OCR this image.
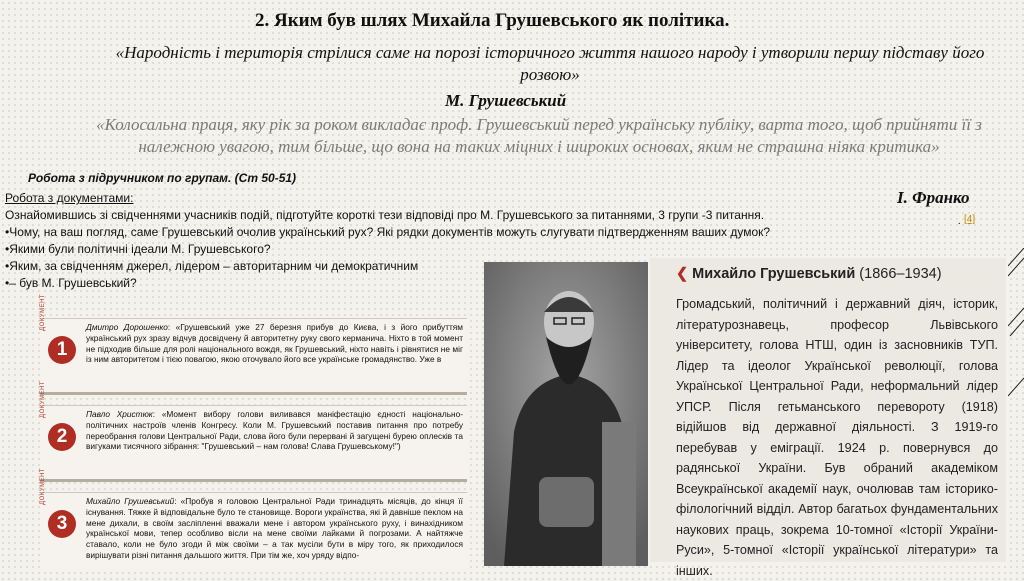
2. Яким був шлях Михайла Грушевського як політика.
«Народність і територія стрілися саме на порозі історичного життя нашого народу і утворили першу підставу його розвою»
М. Грушевський
«Колосальна праця, яку рік за роком викладає проф. Грушевський перед українську публіку, варта того, щоб прийняти її з належною увагою, тим більше, що вона на таких міцних і широких основах, яким не страшна ніяка критика»
І. Франко
Робота з підручником по групам. (Ст 50-51)
. [4]
Робота з документами:
Ознайомившись зі свідченнями учасників подій, підготуйте короткі тези відповіді про М. Грушевського за питаннями, 3 групи -3 питання.
•Чому, на ваш погляд, саме Грушевський очолив український рух? Які рядки документів можуть слугувати підтвердженням ваших думок?
•Якими були політичні ідеали М. Грушевського?
•Яким, за свідченням джерел, лідером – авторитарним чи демократичним
•– був М. Грушевський?
ДОКУМЕНТ
1
Дмитро Дорошенко: «Грушевський уже 27 березня прибув до Києва, і з його прибуттям український рух зразу відчув досвідченy й авторитетну руку свого керманича. Ніхто в той момент не підходив більше для ролі національного вождя, як Грушевський, ніхто навіть і рівнятися не міг із ним авторитетом і тією повагою, якою оточувало його все українське громадянство. Уже в
ДОКУМЕНТ
2
Павло Христюк: «Момент вибору голови виливався маніфестацію єдності національно-політичних настроїв членів Конгресу. Коли М. Грушевський поставив питання про потребу переобрання голови Центральної Ради, слова його були перервані й загущені бурею оплесків та вигуками тисячного зібрання: "Грушевський – нам голова! Слава Грушевському!")
ДОКУМЕНТ
3
Михайло Грушевський: «Пробув я головою Центральної Ради тринадцять місяців, до кінця її існування. Тяжке й відповідальне було те становище. Вороги українства, які й давніше пеклом на мене дихали, в своїм засліпленні вважали мене і автором українського руху, і винахідником української мови, тепер особливо вісли на мене своїми лайками й погрозами. А найтяжче ставало, коли не було згоди й між своїми – а так муcіли бути в міру того, як приходилося вирішувати різні питання дальшого життя. При тім же, хоч уряду відпо-
❮ Михайло Грушевський (1866–1934)
Громадський, політичний і державний діяч, історик, літературознавець, професор Львівського університету, голова НТШ, один із засновників ТУП. Лідер та ідеолог Української революції, голова Української Центральної Ради, неформальний лідер УПСР. Після гетьманського перевороту (1918) відійшов від державної діяльності. З 1919-го перебував у еміграції. 1924 р. повернувся до радянської України. Був обраний академіком Всеукраїнської академії наук, очолював там історико-філологічний відділ. Автор багатьох фундаментальних наукових праць, зокрема 10-томної «Історії України-Руси», 5-томної «Історії української літератури» та інших.
